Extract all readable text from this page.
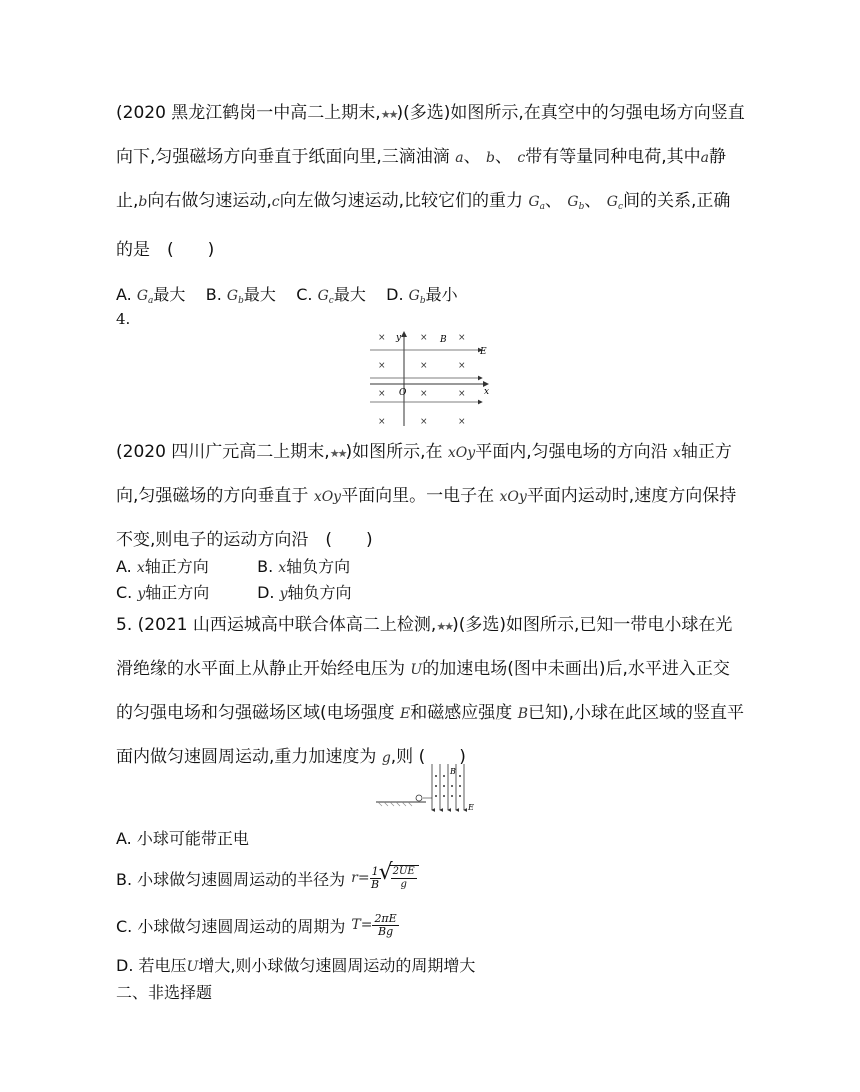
(2020 黑龙江鹤岗一中高二上期末,★★)(多选)如图所示,在真空中的匀强电场方向竖直向下,匀强磁场方向垂直于纸面向里,三滴油滴 a、 b、 c带有等量同种电荷,其中a静止,b向右做匀速运动,c向左做匀速运动,比较它们的重力 $G_a$、 $G_b$、 $G_c$间的关系,正确的是　(　　)
A. $G_a$最大 B. $G_b$最大 C. $G_c$最大 D. $G_b$最小
4.
×	×	×
×	×	×
×	×	×
×	×	×
y	B
E
O	x
(2020 四川广元高二上期末,★★)如图所示,在 xOy平面内,匀强电场的方向沿 x轴正方向,匀强磁场的方向垂直于 xOy平面向里。一电子在 xOy平面内运动时,速度方向保持不变,则电子的运动方向沿　(　　)
A. x轴正方向	B. x轴负方向
C. y轴正方向	D. y轴负方向
5. (2021 山西运城高中联合体高二上检测,★★)(多选)如图所示,已知一带电小球在光滑绝缘的水平面上从静止开始经电压为 U的加速电场(图中未画出)后,水平进入正交的匀强电场和匀强磁场区域(电场强度 E和磁感应强度 B已知),小球在此区域的竖直平面内做匀速圆周运动,重力加速度为 g,则 (　　)
B
E
A. 小球可能带正电
B. 小球做匀速圆周运动的半径为 $r= \frac{1}{B}$
√ $\frac{2UE}{g}$
C. 小球做匀速圆周运动的周期为 $T= \frac{2\pi E}{Bg}$
D. 若电压U增大,则小球做匀速圆周运动的周期增大
二、非选择题
